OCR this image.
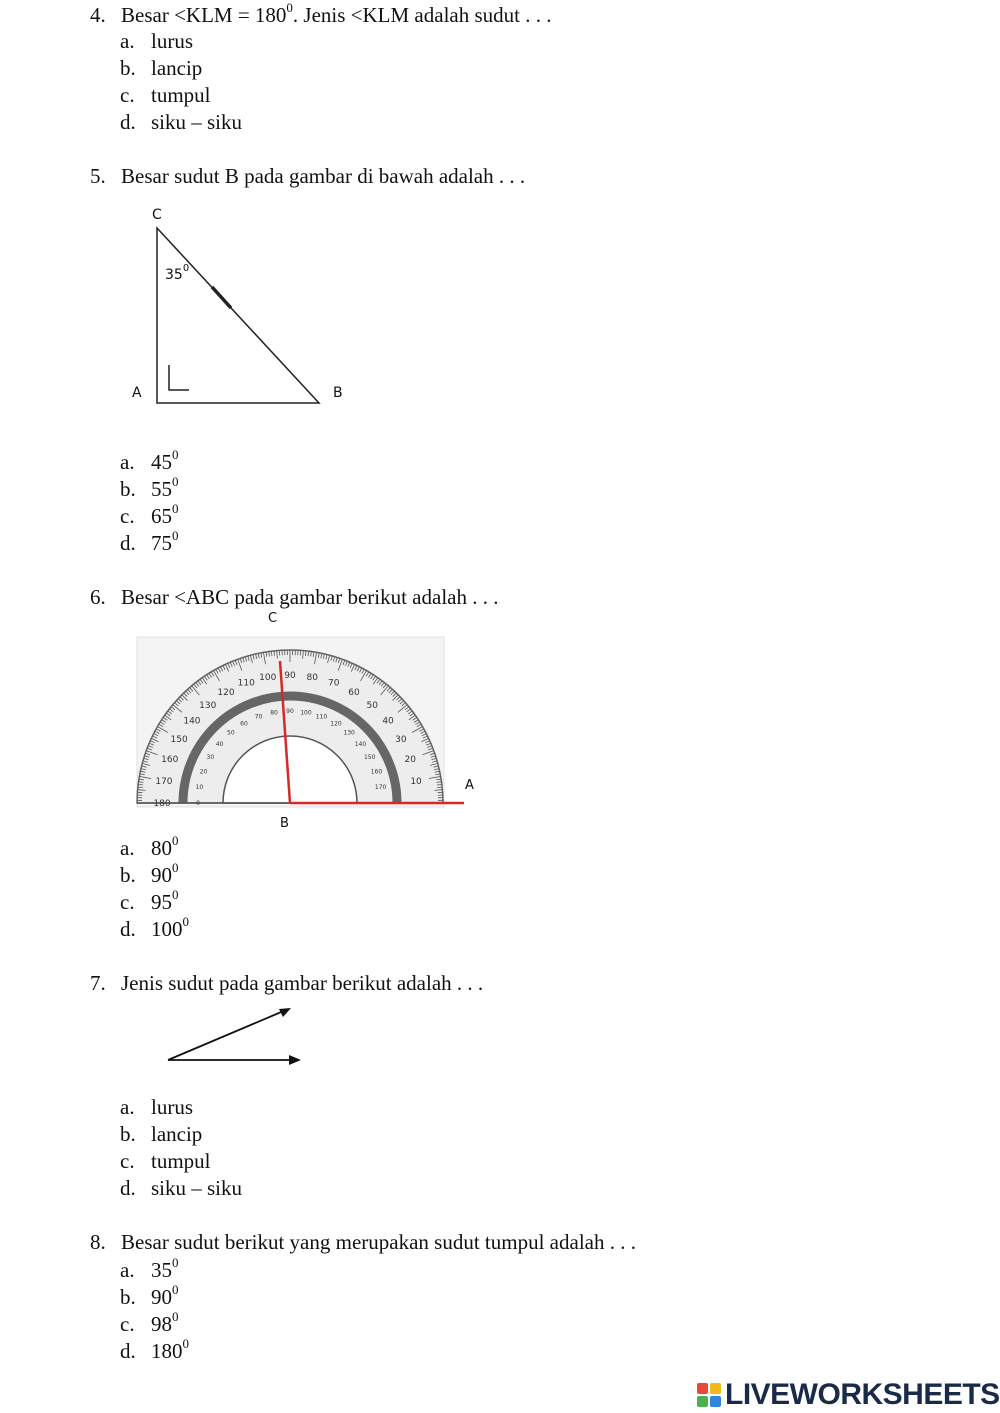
4. Besar $<KLM = 180^0$. Jenis <KLM adalah sudut . . .
a. lurus
b. lancip
c. tumpul
d. siku – siku
5. Besar sudut B pada gambar di bawah adalah . . .
C
A	B
$35^0$
a. $45^0$
b. $55^0$
c. $65^0$
d. $75^0$
6. Besar <ABC pada gambar berikut adalah . . .
C
A
B
180
170
160
150
140
130
120
110
100 90 80
70
60
50
40
30
20
10
0
10
20
30
40
50
60
70
80 90 100
110
120
130
140
150
160
170
a. $80^0$
b. $90^0$
c. $95^0$
d. $100^0$
7. Jenis sudut pada gambar berikut adalah . . .
a. lurus
b. lancip
c. tumpul
d. siku – siku
8. Besar sudut berikut yang merupakan sudut tumpul adalah . . .
a. $35^0$
b. $90^0$
c. $98^0$
d. $180^0$
LIVEWORKSHEETS
